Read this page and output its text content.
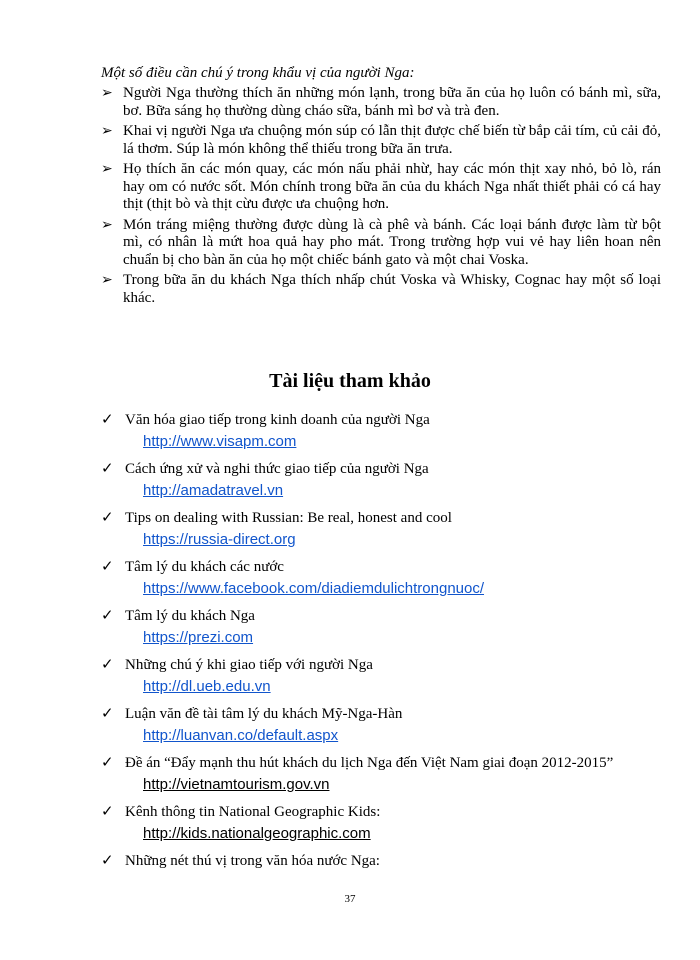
Một số điều cần chú ý trong khẩu vị của người Nga:
➢ Người Nga thường thích ăn những món lạnh, trong bữa ăn của họ luôn có bánh mì, sữa, bơ. Bữa sáng họ thường dùng cháo sữa, bánh mì bơ và trà đen.
➢ Khai vị người Nga ưa chuộng món súp có lẫn thịt được chế biến từ bắp cải tím, củ cải đỏ, lá thơm. Súp là món không thể thiếu trong bữa ăn trưa.
➢ Họ thích ăn các món quay, các món nấu phải nhừ, hay các món thịt xay nhỏ, bỏ lò, rán hay om có nước sốt. Món chính trong bữa ăn của du khách Nga nhất thiết phải có cá hay thịt (thịt bò và thịt cừu được ưa chuộng hơn.
➢ Món tráng miệng thường được dùng là cà phê và bánh. Các loại bánh được làm từ bột mì, có nhân là mứt hoa quả hay pho mát. Trong trường hợp vui vẻ hay liên hoan nên chuẩn bị cho bàn ăn của họ một chiếc bánh gato và một chai Voska.
➢ Trong bữa ăn du khách Nga thích nhấp chút Voska và Whisky, Cognac hay một số loại khác.
Tài liệu tham khảo
✓ Văn hóa giao tiếp trong kinh doanh của người Nga
http://www.visapm.com
✓ Cách ứng xử và nghi thức giao tiếp của người Nga
http://amadatravel.vn
✓ Tips on dealing with Russian: Be real, honest and cool
https://russia-direct.org
✓ Tâm lý du khách các nước
https://www.facebook.com/diadiemdulichtrongnuoc/
✓ Tâm lý du khách Nga
https://prezi.com
✓ Những chú ý khi giao tiếp với người Nga
http://dl.ueb.edu.vn
✓ Luận văn đề tài tâm lý du khách Mỹ-Nga-Hàn
http://luanvan.co/default.aspx
✓ Đề án “Đẩy mạnh thu hút khách du lịch Nga đến Việt Nam giai đoạn 2012-2015”
http://vietnamtourism.gov.vn
✓ Kênh thông tin National Geographic Kids:
http://kids.nationalgeographic.com
✓ Những nét thú vị trong văn hóa nước Nga:
37
